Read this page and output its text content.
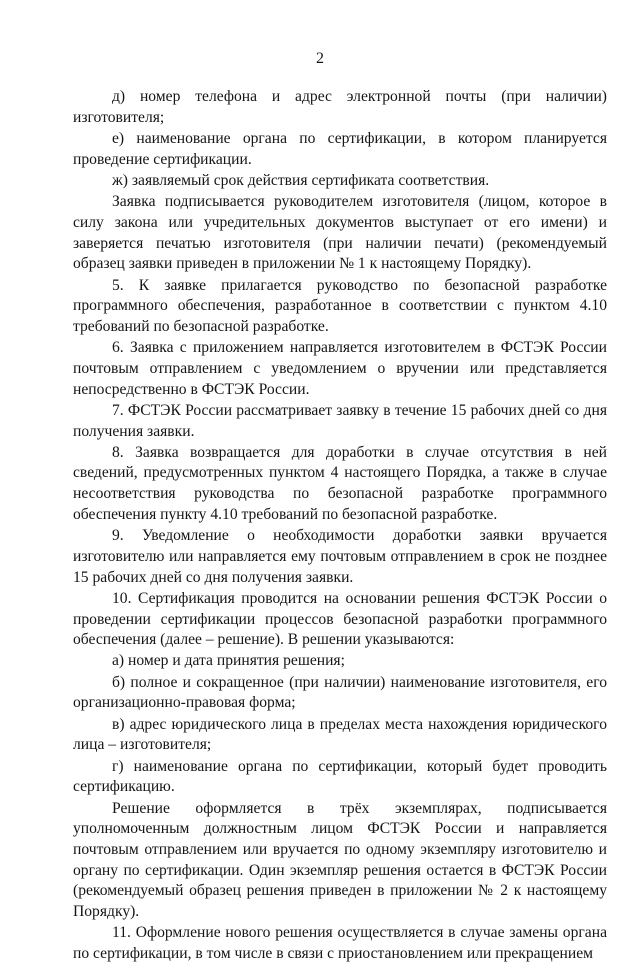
2

д) номер телефона и адрес электронной почты (при наличии) изготовителя;

е) наименование органа по сертификации, в котором планируется проведение сертификации.

ж) заявляемый срок действия сертификата соответствия.

Заявка подписывается руководителем изготовителя (лицом, которое в силу закона или учредительных документов выступает от его имени) и заверяется печатью изготовителя (при наличии печати) (рекомендуемый образец заявки приведен в приложении № 1 к настоящему Порядку).

5. К заявке прилагается руководство по безопасной разработке программного обеспечения, разработанное в соответствии с пунктом 4.10 требований по безопасной разработке.

6. Заявка с приложением направляется изготовителем в ФСТЭК России почтовым отправлением с уведомлением о вручении или представляется непосредственно в ФСТЭК России.

7. ФСТЭК России рассматривает заявку в течение 15 рабочих дней со дня получения заявки.

8. Заявка возвращается для доработки в случае отсутствия в ней сведений, предусмотренных пунктом 4 настоящего Порядка, а также в случае несоответствия руководства по безопасной разработке программного обеспечения пункту 4.10 требований по безопасной разработке.

9. Уведомление о необходимости доработки заявки вручается изготовителю или направляется ему почтовым отправлением в срок не позднее 15 рабочих дней со дня получения заявки.

10. Сертификация проводится на основании решения ФСТЭК России о проведении сертификации процессов безопасной разработки программного обеспечения (далее – решение). В решении указываются:

а) номер и дата принятия решения;

б) полное и сокращенное (при наличии) наименование изготовителя, его организационно-правовая форма;

в) адрес юридического лица в пределах места нахождения юридического лица – изготовителя;

г) наименование органа по сертификации, который будет проводить сертификацию.

Решение оформляется в трёх экземплярах, подписывается уполномоченным должностным лицом ФСТЭК России и направляется почтовым отправлением или вручается по одному экземпляру изготовителю и органу по сертификации. Один экземпляр решения остается в ФСТЭК России (рекомендуемый образец решения приведен в приложении № 2 к настоящему Порядку).

11. Оформление нового решения осуществляется в случае замены органа по сертификации, в том числе в связи с приостановлением или прекращением
